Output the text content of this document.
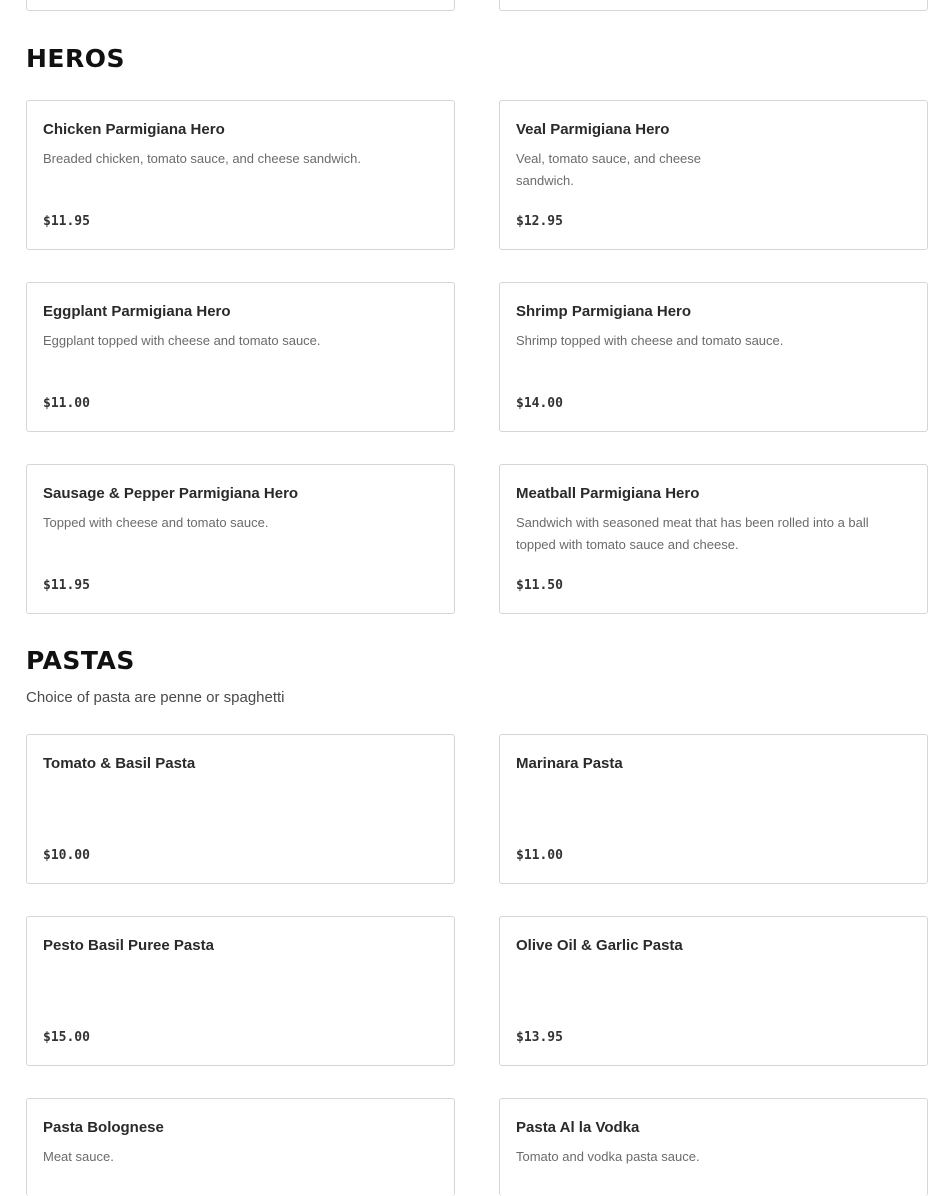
HEROS
Chicken Parmigiana Hero
Breaded chicken, tomato sauce, and cheese sandwich.
$11.95
Veal Parmigiana Hero
Veal, tomato sauce, and cheese sandwich.
$12.95
Eggplant Parmigiana Hero
Eggplant topped with cheese and tomato sauce.
$11.00
Shrimp Parmigiana Hero
Shrimp topped with cheese and tomato sauce.
$14.00
Sausage & Pepper Parmigiana Hero
Topped with cheese and tomato sauce.
$11.95
Meatball Parmigiana Hero
Sandwich with seasoned meat that has been rolled into a ball topped with tomato sauce and cheese.
$11.50
PASTAS
Choice of pasta are penne or spaghetti
Tomato & Basil Pasta
$10.00
Marinara Pasta
$11.00
Pesto Basil Puree Pasta
$15.00
Olive Oil & Garlic Pasta
$13.95
Pasta Bolognese
Meat sauce.
Pasta Al la Vodka
Tomato and vodka pasta sauce.
